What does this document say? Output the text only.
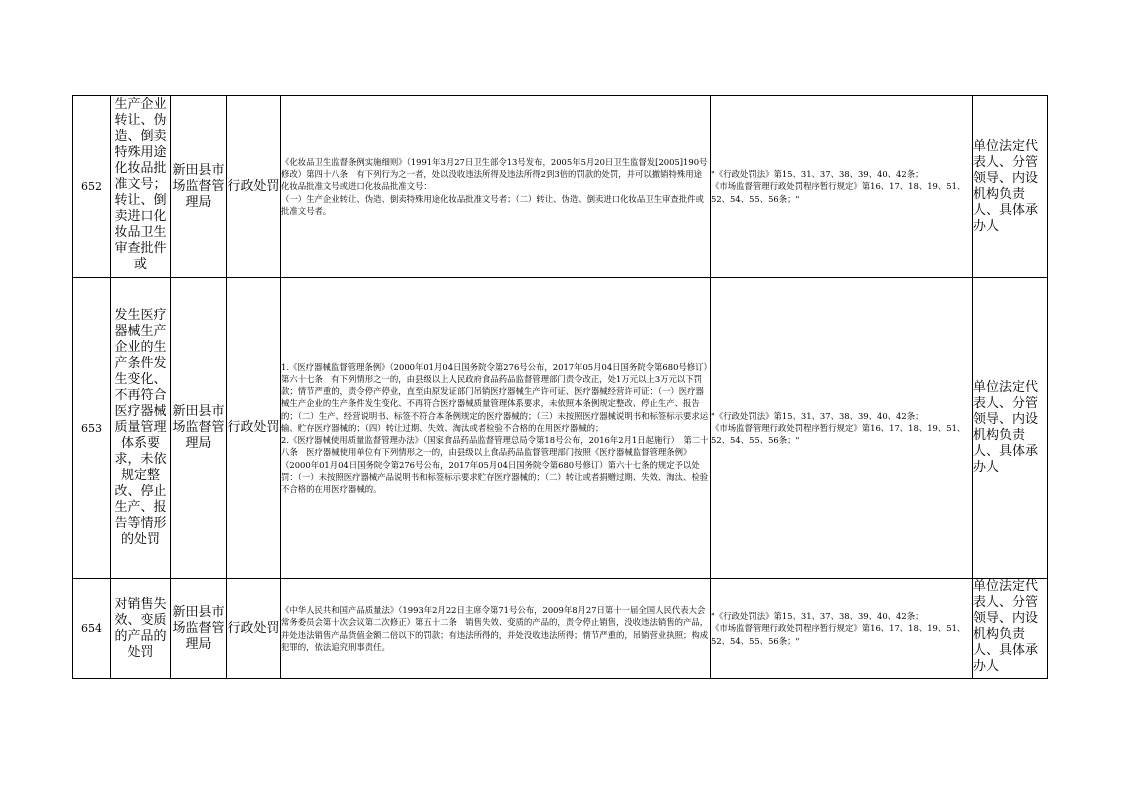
652	生产企业转让、伪造、倒卖特殊用途化妆品批准文号；转让、倒卖进口化妆品卫生审查批件或	新田县市场监督管理局	行政处罚	《化妆品卫生监督条例实施细则》（1991年3月27日卫生部令13号发布，2005年5月20日卫生监督发[2005]190号修改）第四十八条　有下列行为之一者，处以没收违法所得及违法所得2到3倍的罚款的处罚，并可以撤销特殊用途化妆品批准文号或进口化妆品批准文号：
（一）生产企业转让、伪造、倒卖特殊用途化妆品批准文号者；（二）转让、伪造、倒卖进口化妆品卫生审查批件或批准文号者。	"《行政处罚法》第15、31、37、38、39、40、42条；
《市场监督管理行政处罚程序暂行规定》第16、17、18、19、51、52、54、55、56条；"	单位法定代表人、分管领导、内设机构负责人、具体承办人
653	发生医疗器械生产企业的生产条件发生变化、不再符合医疗器械质量管理体系要求，未依规定整改、停止生产、报告等情形的处罚	新田县市场监督管理局	行政处罚	1.《医疗器械监督管理条例》（2000年01月04日国务院令第276号公布，2017年05月04日国务院令第680号修订）第六十七条　有下列情形之一的，由县级以上人民政府食品药品监督管理部门责令改正，处1万元以上3万元以下罚款；情节严重的，责令停产停业，直至由原发证部门吊销医疗器械生产许可证、医疗器械经营许可证：（一）医疗器械生产企业的生产条件发生变化、不再符合医疗器械质量管理体系要求，未依照本条例规定整改、停止生产、报告的；（二）生产、经营说明书、标签不符合本条例规定的医疗器械的；（三）未按照医疗器械说明书和标签标示要求运输、贮存医疗器械的；（四）转让过期、失效、淘汰或者检验不合格的在用医疗器械的；
2.《医疗器械使用质量监督管理办法》（国家食品药品监督管理总局令第18号公布，2016年2月1日起施行）　第二十八条　医疗器械使用单位有下列情形之一的，由县级以上食品药品监督管理部门按照《医疗器械监督管理条例》（2000年01月04日国务院令第276号公布，2017年05月04日国务院令第680号修订）第六十七条的规定予以处罚：（一）未按照医疗器械产品说明书和标签标示要求贮存医疗器械的；（二）转让或者捐赠过期、失效、淘汰、检验不合格的在用医疗器械的。	"《行政处罚法》第15、31、37、38、39、40、42条；
《市场监督管理行政处罚程序暂行规定》第16、17、18、19、51、52、54、55、56条；"	单位法定代表人、分管领导、内设机构负责人、具体承办人
654	对销售失效、变质的产品的处罚	新田县市场监督管理局	行政处罚	《中华人民共和国产品质量法》（1993年2月22日主席令第71号公布，2009年8月27日第十一届全国人民代表大会常务委员会第十次会议第二次修正）第五十二条　销售失效、变质的产品的，责令停止销售，没收违法销售的产品，并处违法销售产品货值金额二倍以下的罚款；有违法所得的，并处没收违法所得；情节严重的，吊销营业执照；构成犯罪的，依法追究刑事责任。	"《行政处罚法》第15、31、37、38、39、40、42条；
《市场监督管理行政处罚程序暂行规定》第16、17、18、19、51、52、54、55、56条；"	单位法定代表人、分管领导、内设机构负责人、具体承办人
